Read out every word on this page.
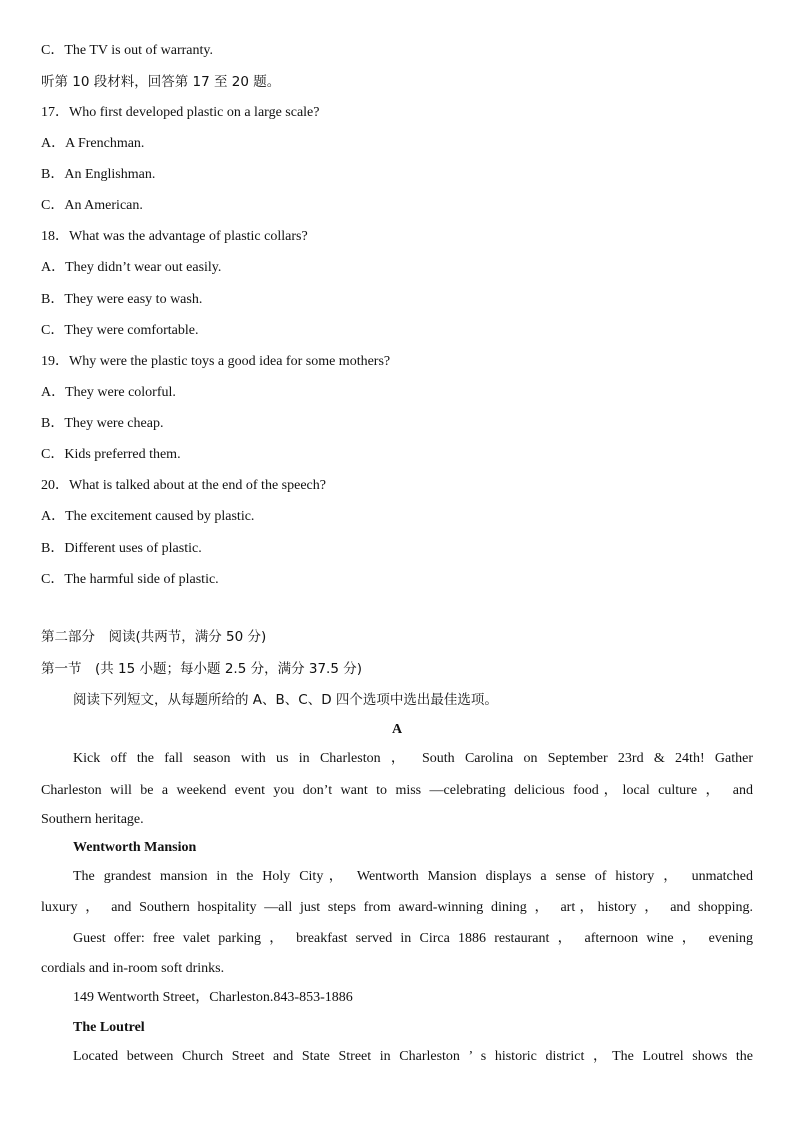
C．The TV is out of warranty.
听第 10 段材料，回答第 17 至 20 题。
17．Who first developed plastic on a large scale?
A．A Frenchman.
B．An Englishman.
C．An American.
18．What was the advantage of plastic collars?
A．They didn’t wear out easily.
B．They were easy to wash.
C．They were comfortable.
19．Why were the plastic toys a good idea for some mothers?
A．They were colorful.
B．They were cheap.
C．Kids preferred them.
20．What is talked about at the end of the speech?
A．The excitement caused by plastic.
B．Different uses of plastic.
C．The harmful side of plastic.
第二部分　阅读(共两节，满分 50 分)
第一节　(共 15 小题；每小题 2.5 分，满分 37.5 分)
阅读下列短文，从每题所给的 A、B、C、D 四个选项中选出最佳选项。
A
Kick off the fall season with us in Charleston ， South Carolina on September 23rd & 24th! Gather
Charleston will be a weekend event you don’t want to miss —celebrating delicious food，local culture ， and
Southern heritage.
Wentworth Mansion
The grandest mansion in the Holy City， Wentworth Mansion displays a sense of history ， unmatched
luxury ， and Southern hospitality —all just steps from award-winning dining ， art，history ， and shopping.
Guest offer: free valet parking ， breakfast served in Circa 1886 restaurant ， afternoon wine ， evening
cordials and in-room soft drinks.
149 Wentworth Street，Charleston.843-853-1886
The Loutrel
Located between Church Street and State Street in Charleston ’ s historic district ，The Loutrel shows the
